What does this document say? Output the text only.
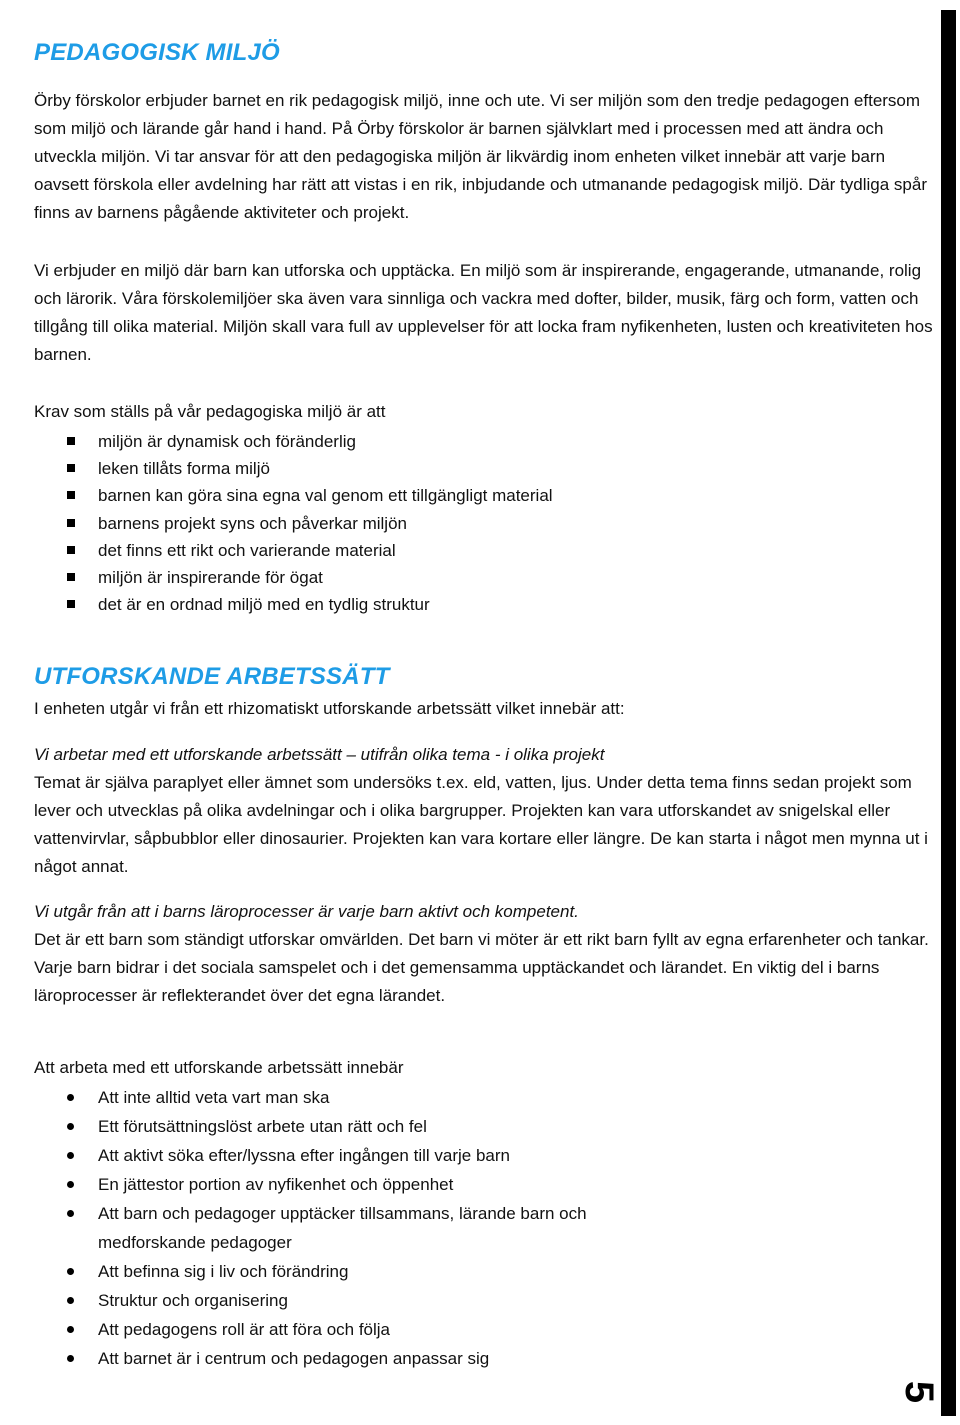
5
PEDAGOGISK MILJÖ

Örby förskolor erbjuder barnet en rik pedagogisk miljö, inne och ute. Vi ser miljön som den tredje pedagogen eftersom som miljö och lärande går hand i hand. På Örby förskolor är barnen självklart med i processen med att ändra och utveckla miljön. Vi tar ansvar för att den pedagogiska miljön är likvärdig inom enheten vilket innebär att varje barn oavsett förskola eller avdelning har rätt att vistas i en rik, inbjudande och utmanande pedagogisk miljö. Där tydliga spår finns av barnens pågående aktiviteter och projekt.

Vi erbjuder en miljö där barn kan utforska och upptäcka. En miljö som är inspirerande, engagerande, utmanande, rolig och lärorik. Våra förskolemiljöer ska även vara sinnliga och vackra med dofter, bilder, musik, färg och form, vatten och tillgång till olika material. Miljön skall vara full av upplevelser för att locka fram nyfikenheten, lusten och kreativiteten hos barnen.

Krav som ställs på vår pedagogiska miljö är att

miljön är dynamisk och föränderlig
leken tillåts forma miljö
barnen kan göra sina egna val genom ett tillgängligt material
barnens projekt syns och påverkar miljön
det finns ett rikt och varierande material
miljön är inspirerande för ögat
det är en ordnad miljö med en tydlig struktur
UTFORSKANDE ARBETSSÄTT

I enheten utgår vi från ett rhizomatiskt utforskande arbetssätt vilket innebär att:

Vi arbetar med ett utforskande arbetssätt – utifrån olika tema - i olika projekt

Temat är själva paraplyet eller ämnet som undersöks t.ex. eld, vatten, ljus. Under detta tema finns sedan projekt som lever och utvecklas på olika avdelningar och i olika bargrupper. Projekten kan vara utforskandet av snigelskal eller vattenvirvlar, såpbubblor eller dinosaurier. Projekten kan vara kortare eller längre. De kan starta i något men mynna ut i något annat.

Vi utgår från att i barns läroprocesser är varje barn aktivt och kompetent.

Det är ett barn som ständigt utforskar omvärlden. Det barn vi möter är ett rikt barn fyllt av egna erfarenheter och tankar. Varje barn bidrar i det sociala samspelet och i det gemensamma upptäckandet och lärandet. En viktig del i barns läroprocesser är reflekterandet över det egna lärandet.

Att arbeta med ett utforskande arbetssätt innebär

Att inte alltid veta vart man ska
Ett förutsättningslöst arbete utan rätt och fel
Att aktivt söka efter/lyssna efter ingången till varje barn
En jättestor portion av nyfikenhet och öppenhet
Att barn och pedagoger upptäcker tillsammans, lärande barn och medforskande pedagoger
Att befinna sig i liv och förändring
Struktur och organisering
Att pedagogens roll är att föra och följa
Att barnet är i centrum och pedagogen anpassar sig
